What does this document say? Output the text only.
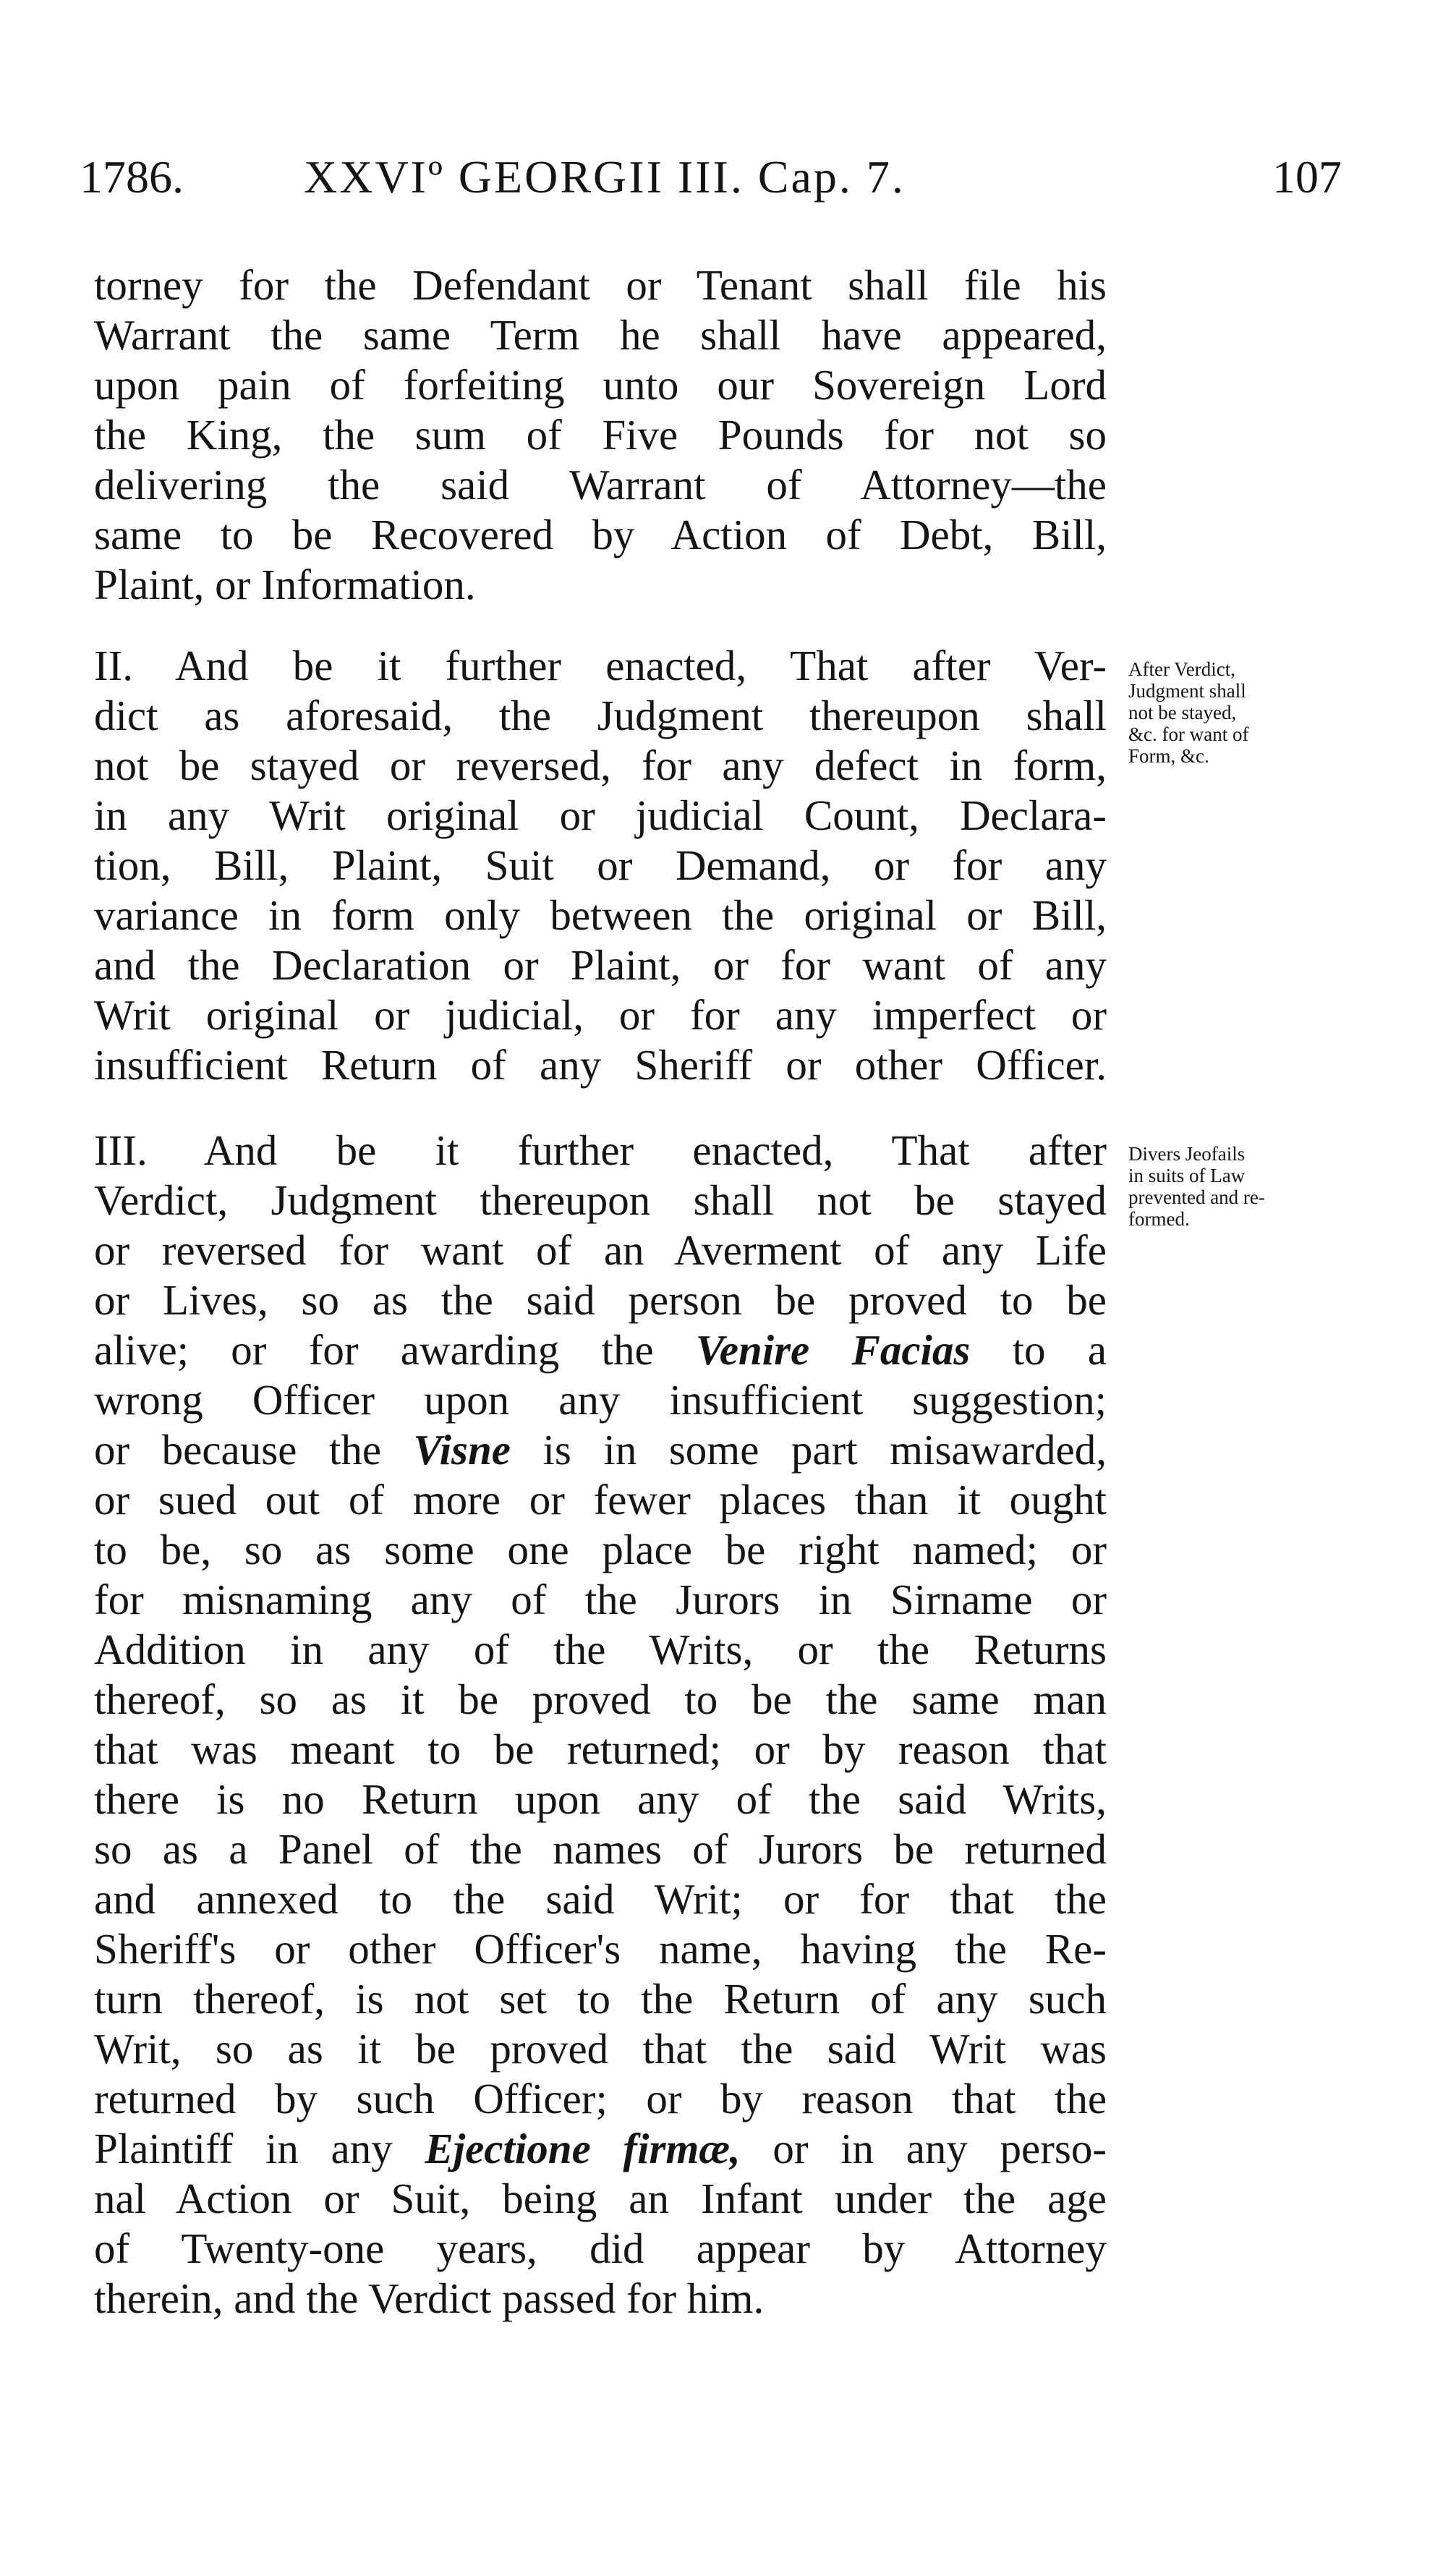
1786.	XXVIº GEORGII III. Cap. 7.	107
torney for the Defendant or Tenant shall file his
Warrant the same Term he shall have appeared,
upon pain of forfeiting unto our Sovereign Lord
the King, the sum of Five Pounds for not so
delivering the said Warrant of Attorney—the
same to be Recovered by Action of Debt, Bill,
Plaint, or Information.
II. And be it further enacted, That after Ver-
dict as aforesaid, the Judgment thereupon shall
not be stayed or reversed, for any defect in form,
in any Writ original or judicial Count, Declara-
tion, Bill, Plaint, Suit or Demand, or for any
variance in form only between the original or Bill,
and the Declaration or Plaint, or for want of any
Writ original or judicial, or for any imperfect or
insufficient Return of any Sheriff or other Officer.
After Verdict,
Judgment shall
not be stayed,
&c. for want of
Form, &c.
III. And be it further enacted, That after
Verdict, Judgment thereupon shall not be stayed
or reversed for want of an Averment of any Life
or Lives, so as the said person be proved to be
alive; or for awarding the Venire Facias to a
wrong Officer upon any insufficient suggestion;
or because the Visne is in some part misawarded,
or sued out of more or fewer places than it ought
to be, so as some one place be right named; or
for misnaming any of the Jurors in Sirname or
Addition in any of the Writs, or the Returns
thereof, so as it be proved to be the same man
that was meant to be returned; or by reason that
there is no Return upon any of the said Writs,
so as a Panel of the names of Jurors be returned
and annexed to the said Writ; or for that the
Sheriff's or other Officer's name, having the Re-
turn thereof, is not set to the Return of any such
Writ, so as it be proved that the said Writ was
returned by such Officer; or by reason that the
Plaintiff in any Ejectione firmæ, or in any perso-
nal Action or Suit, being an Infant under the age
of Twenty-one years, did appear by Attorney
therein, and the Verdict passed for him.
Divers Jeofails
in suits of Law
prevented and re-
formed.
